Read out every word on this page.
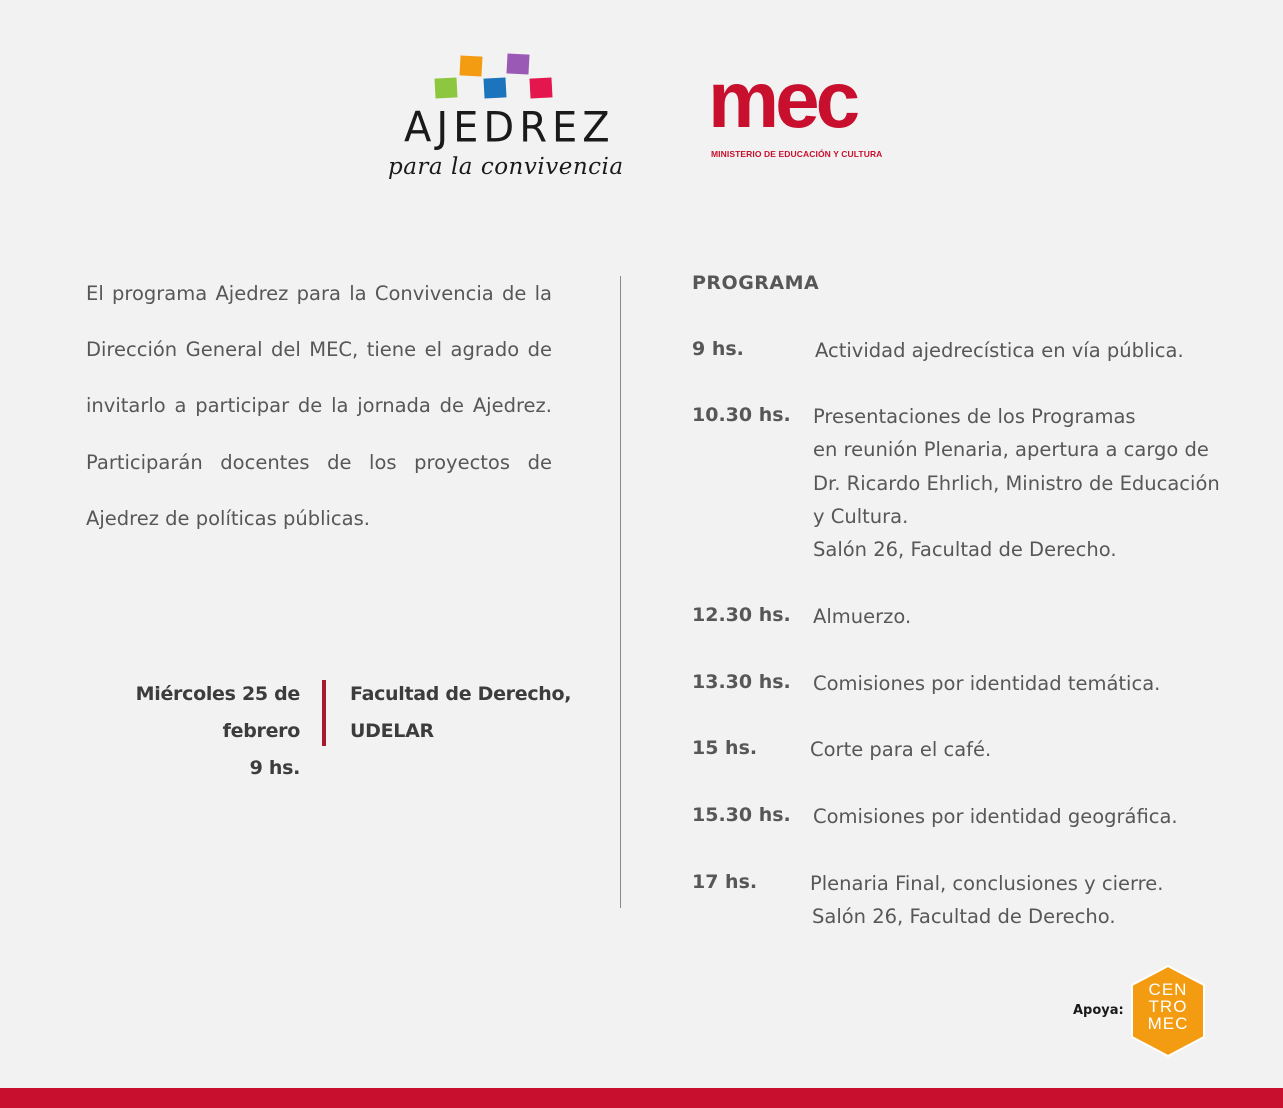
AJEDREZ
para la convivencia
mec
MINISTERIO DE EDUCACIÓN Y CULTURA

El programa Ajedrez para la Convivencia de la

Dirección General del MEC, tiene el agrado de

invitarlo a participar de la jornada de Ajedrez.

Participarán docentes de los proyectos de

Ajedrez de políticas públicas.

Miércoles 25 de febrero
9 hs.
Facultad de Derecho,
UDELAR
PROGRAMA
9 hs.	Actividad ajedrecística en vía pública.
10.30 hs. Presentaciones de los Programas
en reunión Plenaria, apertura a cargo de
Dr. Ricardo Ehrlich, Ministro de Educación
y Cultura.
Salón 26, Facultad de Derecho.
12.30 hs. Almuerzo.
13.30 hs. Comisiones por identidad temática.
15 hs.	Corte para el café.
15.30 hs. Comisiones por identidad geográfica.
17 hs.	Plenaria Final, conclusiones y cierre.
Salón 26, Facultad de Derecho.
Apoya:
CEN
TRO
MEC
